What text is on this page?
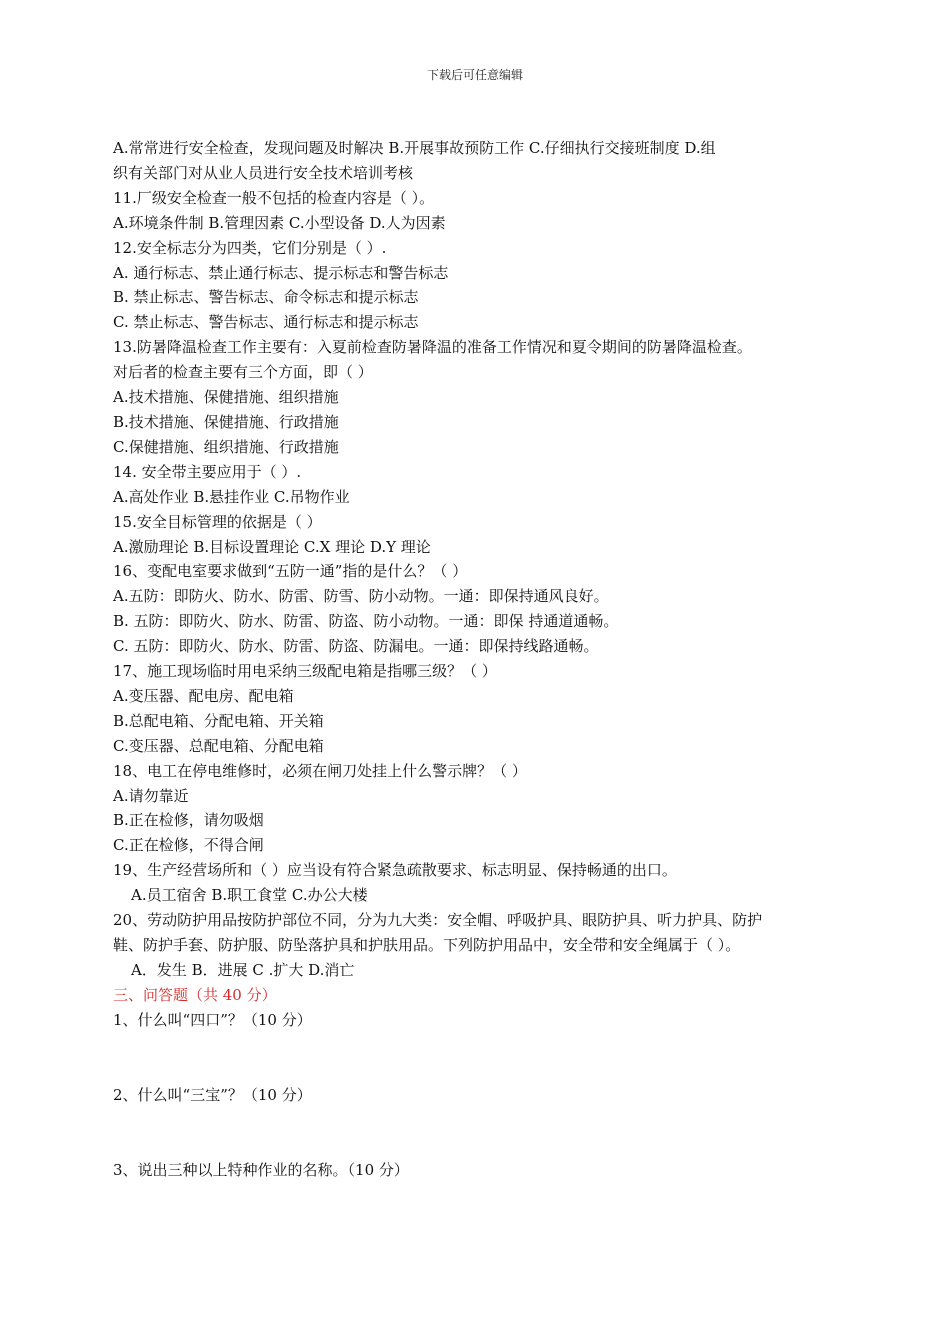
下载后可任意编辑
A.常常进行安全检查，发现问题及时解决 B.开展事故预防工作 C.仔细执行交接班制度 D.组
织有关部门对从业人员进行安全技术培训考核
11.厂级安全检查一般不包括的检查内容是（ ）。
A.环境条件制 B.管理因素 C.小型设备 D.人为因素
12.安全标志分为四类，它们分别是（ ）.
A. 通行标志、禁止通行标志、提示标志和警告标志
B. 禁止标志、警告标志、命令标志和提示标志
C. 禁止标志、警告标志、通行标志和提示标志
13.防暑降温检查工作主要有：入夏前检查防暑降温的准备工作情况和夏令期间的防暑降温检查。
对后者的检查主要有三个方面，即（ ）
A.技术措施、保健措施、组织措施
B.技术措施、保健措施、行政措施
C.保健措施、组织措施、行政措施
14. 安全带主要应用于（ ）.
A.高处作业 B.悬挂作业 C.吊物作业
15.安全目标管理的依据是（ ）
A.激励理论 B.目标设置理论 C.X 理论 D.Y 理论
16、变配电室要求做到“五防一通”指的是什么？（ ）
A.五防：即防火、防水、防雷、防雪、防小动物。一通：即保持通风良好。
B. 五防：即防火、防水、防雷、防盗、防小动物。一通：即保 持通道通畅。
C. 五防：即防火、防水、防雷、防盗、防漏电。一通：即保持线路通畅。
17、施工现场临时用电采纳三级配电箱是指哪三级？（ ）
A.变压器、配电房、配电箱
B.总配电箱、分配电箱、开关箱
C.变压器、总配电箱、分配电箱
18、电工在停电维修时，必须在闸刀处挂上什么警示牌？（ ）
A.请勿靠近
B.正在检修，请勿吸烟
C.正在检修，不得合闸
19、生产经营场所和（ ）应当设有符合紧急疏散要求、标志明显、保持畅通的出口。
A.员工宿舍 B.职工食堂 C.办公大楼
20、劳动防护用品按防护部位不同，分为九大类：安全帽、呼吸护具、眼防护具、听力护具、防护
鞋、防护手套、防护服、防坠落护具和护肤用品。下列防护用品中，安全带和安全绳属于（ ）。
A．发生 B．进展 C .扩大 D.消亡
三、问答题（共 40 分）
1、什么叫“四口”？（10 分）
2、什么叫“三宝”？（10 分）
3、说出三种以上特种作业的名称。（10 分）
